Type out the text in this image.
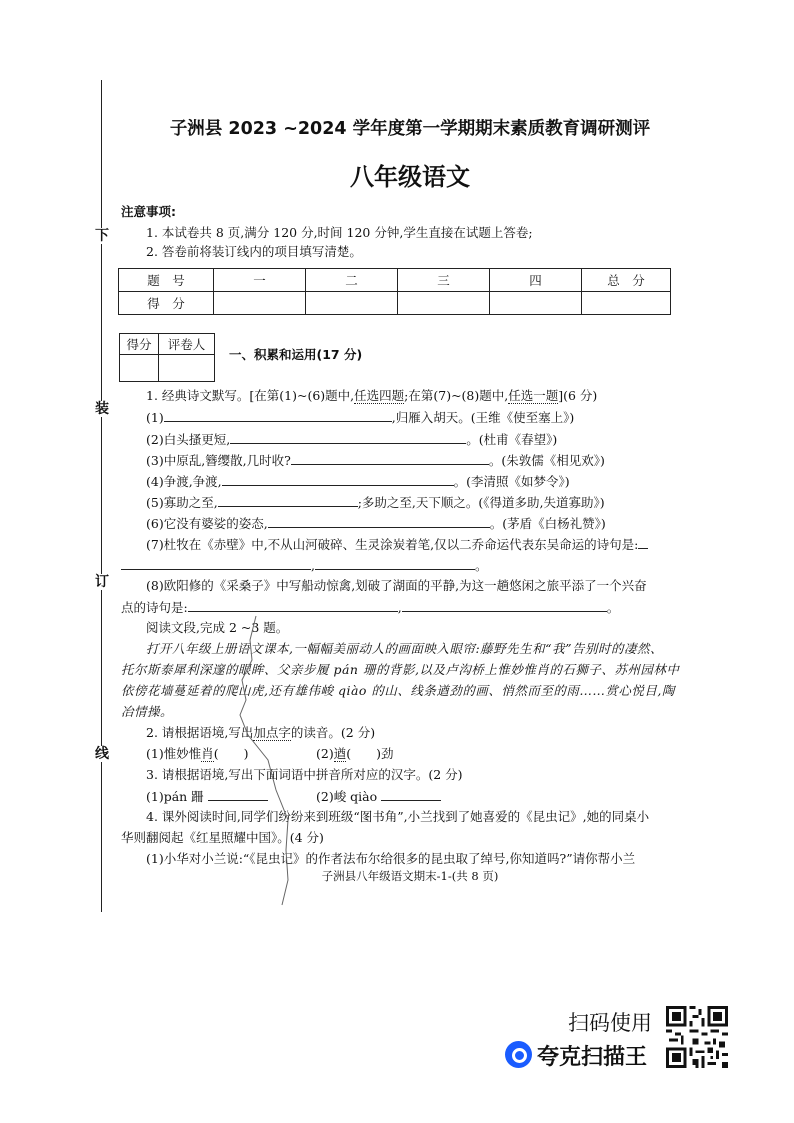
下
装
订
线
子洲县 2023 ~2024 学年度第一学期期末素质教育调研测评
八年级语文
注意事项:
1. 本试卷共 8 页,满分 120 分,时间 120 分钟,学生直接在试题上答卷;
2. 答卷前将装订线内的项目填写清楚。
题　号	一	二	三	四	总　分
得　分					
得分	评卷人

一、积累和运用(17 分)
1. 经典诗文默写。[在第(1)~(6)题中,任选四题;在第(7)~(8)题中,任选一题](6 分)
(1)	,归雁入胡天。(王维《使至塞上》)
(2)白头搔更短,	。(杜甫《春望》)
(3)中原乱,簪缨散,几时收?	。(朱敦儒《相见欢》)
(4)争渡,争渡,	。(李清照《如梦令》)
(5)寡助之至,	;多助之至,天下顺之。(《得道多助,失道寡助》)
(6)它没有婆娑的姿态,	。(茅盾《白杨礼赞》)
(7)杜牧在《赤壁》中,不从山河破碎、生灵涂炭着笔,仅以二乔命运代表东吴命运的诗句是:
,	。
(8)欧阳修的《采桑子》中写船动惊禽,划破了湖面的平静,为这一趟悠闲之旅平添了一个兴奋
点的诗句是:	,	。
阅读文段,完成 2 ~3 题。
打开八年级上册语文课本,一幅幅美丽动人的画面映入眼帘:藤野先生和“我”告别时的凄然、
托尔斯泰犀利深邃的眼眸、父亲步履 pán 珊的背影,以及卢沟桥上惟妙惟肖的石狮子、苏州园林中
依傍花墙蔓延着的爬山虎,还有雄伟峻 qiào 的山、线条遒劲的画、悄然而至的雨……赏心悦目,陶
冶情操。
2. 请根据语境,写出加点字的读音。(2 分)
(1)惟妙惟肖(　　)	(2)遒(　　)劲
3. 请根据语境,写出下面词语中拼音所对应的汉字。(2 分)
(1)pán 跚	(2)峻 qiào
4. 课外阅读时间,同学们纷纷来到班级“图书角”,小兰找到了她喜爱的《昆虫记》,她的同桌小
华则翻阅起《红星照耀中国》。(4 分)
(1)小华对小兰说:“《昆虫记》的作者法布尔给很多的昆虫取了绰号,你知道吗?”请你帮小兰
子洲县八年级语文期末-1-(共 8 页)
扫码使用
夸克扫描王
